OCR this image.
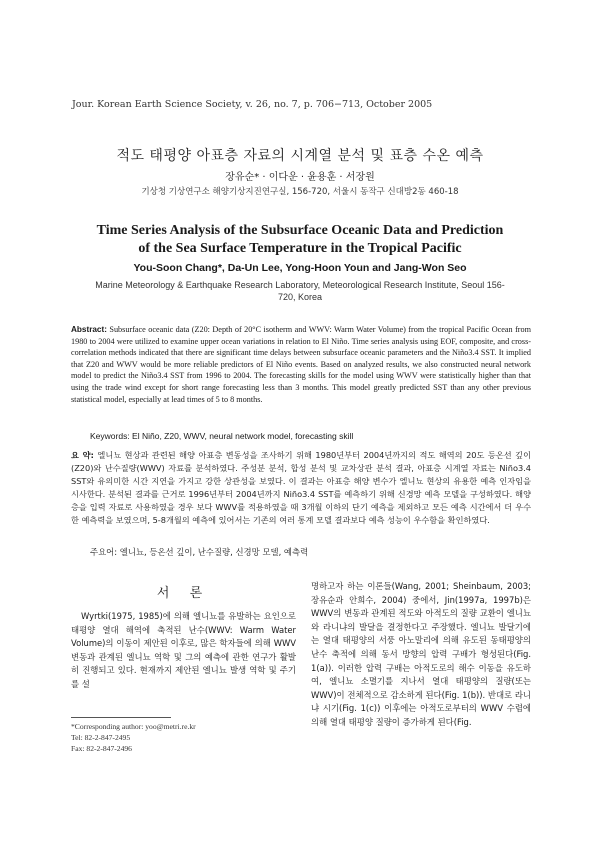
Jour. Korean Earth Science Society, v. 26, no. 7, p. 706−713, October 2005
적도 태평양 아표층 자료의 시계열 분석 및 표층 수온 예측
장유순* · 이다운 · 윤용훈 · 서장원
기상청 기상연구소 해양기상지진연구실, 156-720, 서울시 동작구 신대방2동 460-18
Time Series Analysis of the Subsurface Oceanic Data and Prediction of the Sea Surface Temperature in the Tropical Pacific
You-Soon Chang*, Da-Un Lee, Yong-Hoon Youn and Jang-Won Seo
Marine Meteorology & Earthquake Research Laboratory, Meteorological Research Institute, Seoul 156-720, Korea
Abstract: Subsurface oceanic data (Z20: Depth of 20°C isotherm and WWV: Warm Water Volume) from the tropical Pacific Ocean from 1980 to 2004 were utilized to examine upper ocean variations in relation to El Niño. Time series analysis using EOF, composite, and cross-correlation methods indicated that there are significant time delays between subsurface oceanic parameters and the Niño3.4 SST. It implied that Z20 and WWV would be more reliable predictors of El Niño events. Based on analyzed results, we also constructed neural network model to predict the Niño3.4 SST from 1996 to 2004. The forecasting skills for the model using WWV were statistically higher than that using the trade wind except for short range forecasting less than 3 months. This model greatly predicted SST than any other previous statistical model, especially at lead times of 5 to 8 months.
Keywords: El Niño, Z20, WWV, neural network model, forecasting skill
요 약: 엘니뇨 현상과 관련된 해양 아표층 변동성을 조사하기 위해 1980년부터 2004년까지의 적도 해역의 20도 등온선 깊이(Z20)와 난수질량(WWV) 자료를 분석하였다. 주성분 분석, 합성 분석 및 교차상관 분석 결과, 아표층 시계열 자료는 Niño3.4 SST와 유의미한 시간 지연을 가지고 강한 상관성을 보였다. 이 결과는 아표층 해양 변수가 엘니뇨 현상의 유용한 예측 인자임을 시사한다. 분석된 결과를 근거로 1996년부터 2004년까지 Niño3.4 SST를 예측하기 위해 신경망 예측 모델을 구성하였다. 해양층을 입력 자료로 사용하였을 경우 보다 WWV를 적용하였을 때 3개월 이하의 단기 예측을 제외하고 모든 예측 시간에서 더 우수한 예측력을 보였으며, 5-8개월의 예측에 있어서는 기존의 여러 통계 모델 결과보다 예측 성능이 우수함을 확인하였다.
주요어: 엘니뇨, 등온선 깊이, 난수질량, 신경망 모델, 예측력
서 론
Wyrtki(1975, 1985)에 의해 엘니뇨를 유발하는 요인으로 태평양 열대 해역에 축적된 난수(WWV: Warm Water Volume)의 이동이 제안된 이후로, 많은 학자들에 의해 WWV 변동과 관계된 엘니뇨 역학 및 그의 예측에 관한 연구가 활발히 진행되고 있다. 현재까지 제안된 엘니뇨 발생 역학 및 주기를 설
명하고자 하는 이론들(Wang, 2001; Sheinbaum, 2003; 장유순과 안희수, 2004) 중에서, Jin(1997a, 1997b)은 WWV의 변동과 관계된 적도와 아적도의 질량 교환이 엘니뇨와 라니냐의 발달을 결정한다고 주장했다. 엘니뇨 발달기에는 열대 태평양의 서풍 아노말리에 의해 유도된 동태평양의 난수 축적에 의해 동서 방향의 압력 구배가 형성된다(Fig. 1(a)). 이러한 압력 구배는 아적도로의 해수 이동을 유도하여, 엘니뇨 소멸기를 지나서 열대 태평양의 질량(또는 WWV)이 전체적으로 감소하게 된다(Fig. 1(b)). 반대로 라니냐 시기(Fig. 1(c)) 이후에는 아적도로부터의 WWV 수렴에 의해 열대 태평양 질량이 증가하게 된다(Fig.
*Corresponding author: yoo@metri.re.kr
Tel: 82-2-847-2495
Fax: 82-2-847-2496
